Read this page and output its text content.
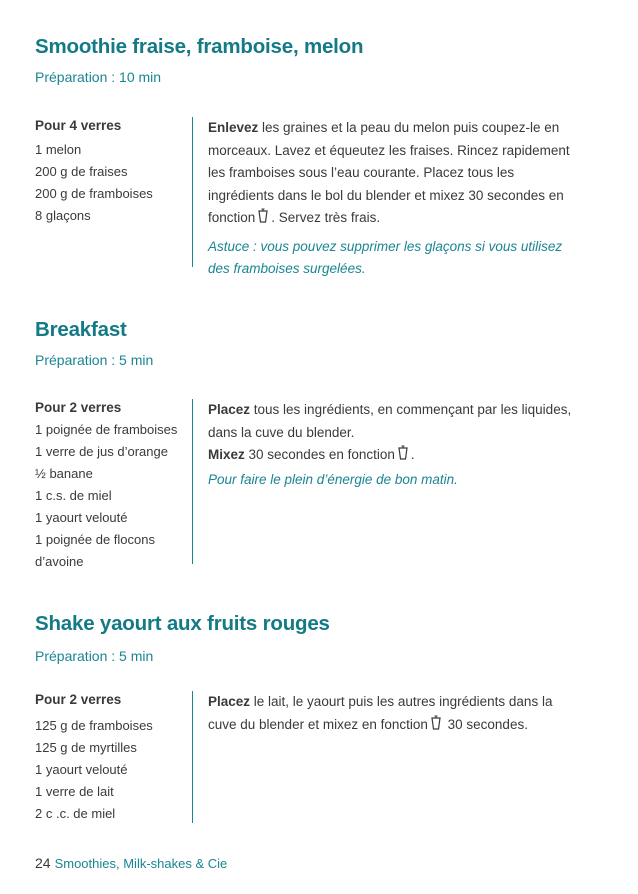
Smoothie fraise, framboise, melon

Préparation : 10 min

Pour 4 verres
1 melon
200 g de fraises
200 g de framboises
8 glaçons

Enlevez les graines et la peau du melon puis coupez-le en morceaux. Lavez et équeutez les fraises. Rincez rapidement les framboises sous l’eau courante. Placez tous les ingrédients dans le bol du blender et mixez 30 secondes en fonction . Servez très frais.

Astuce : vous pouvez supprimer les glaçons si vous utilisez des framboises surgelées.

Breakfast

Préparation : 5 min

Pour 2 verres
1 poignée de framboises
1 verre de jus d’orange
½ banane
1 c.s. de miel
1 yaourt velouté
1 poignée de flocons
d’avoine

Placez tous les ingrédients, en commençant par les liquides, dans la cuve du blender.

Mixez 30 secondes en fonction .

Pour faire le plein d’énergie de bon matin.

Shake yaourt aux fruits rouges

Préparation : 5 min

Pour 2 verres
125 g de framboises
125 g de myrtilles
1 yaourt velouté
1 verre de lait
2 c .c. de miel

Placez le lait, le yaourt puis les autres ingrédients dans la cuve du blender et mixez en fonction 30 secondes.

24 Smoothies, Milk-shakes & Cie
